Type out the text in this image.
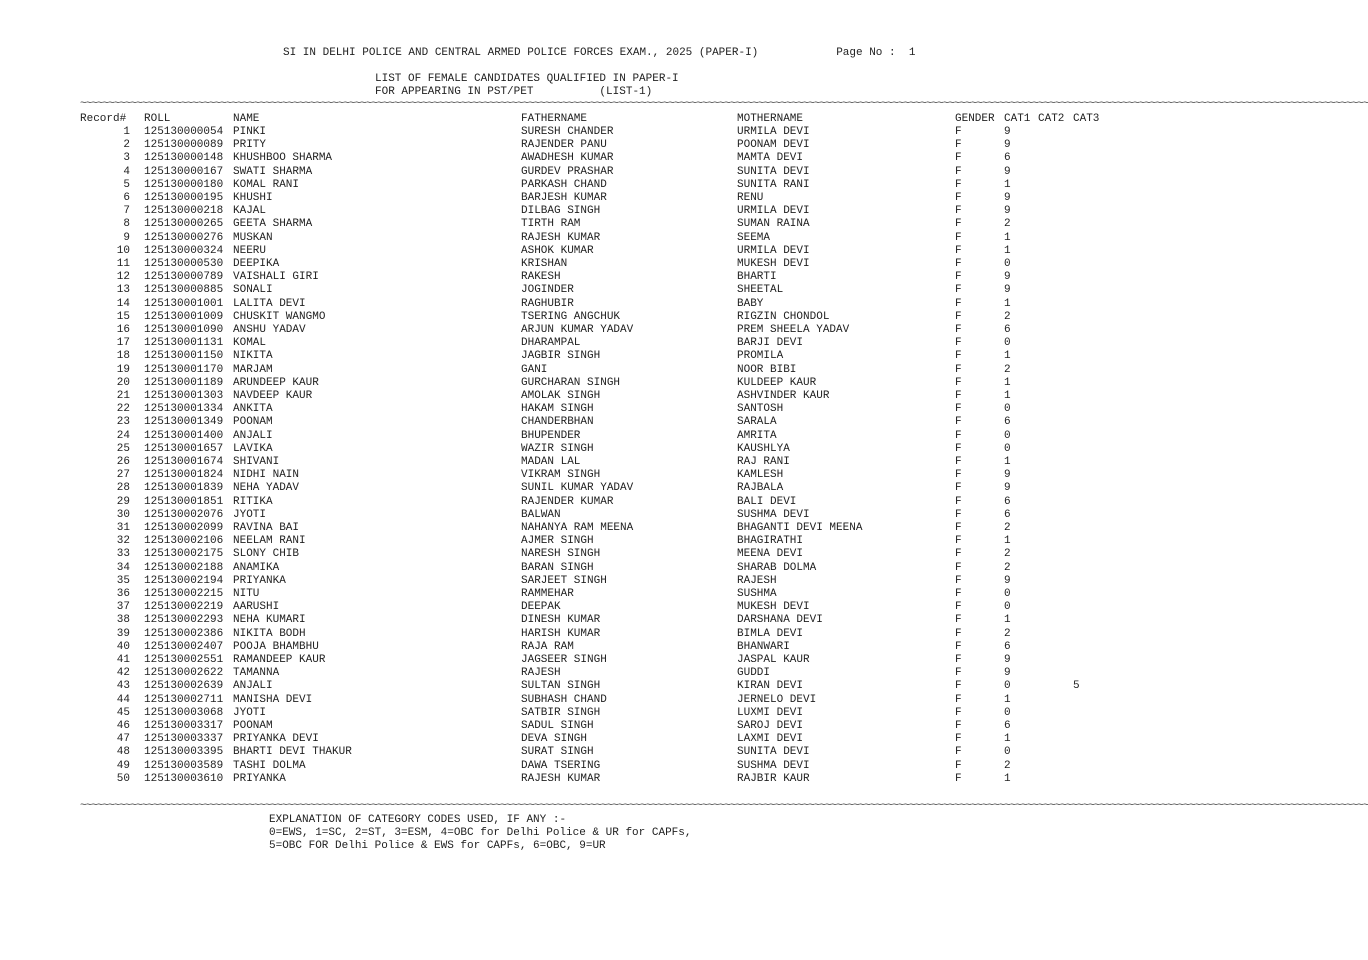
Page No : 1

SI IN DELHI POLICE AND CENTRAL ARMED POLICE FORCES EXAM., 2025 (PAPER-I)
LIST OF FEMALE CANDIDATES QUALIFIED IN PAPER-I
FOR APPEARING IN PST/PET          (LIST-1)
~~~~~~~~~~~~~~~~~~~~~~~~~~~~~~~~~~~~~~~~~~~~~~~~~~~~~~~~~~~~~~~~~~~~~~~~~~~~~~~~~~~~~~~~~~~~~~~~~~~~~~~~~~~~~~~~~~~~~~~~~~~~~~~~~~~~~~~~~~~~~~~~~~~~~~~~~~~~~~~~~~~~~~~~~~~~~~~~~~~~~~~~~~~~~~~~~~~~~~~~~~~~~~~~~~~~~~~~~~~~~~~~~~~~~~
Record# ROLL	NAME	FATHERNAME	MOTHERNAME	GENDER CAT1 CAT2 CAT3
1 125130000054 PINKI	SURESH CHANDER	URMILA DEVI	F	9
2 125130000089 PRITY	RAJENDER PANU	POONAM DEVI	F	9
3 125130000148 KHUSHBOO SHARMA	AWADHESH KUMAR	MAMTA DEVI	F	6
4 125130000167 SWATI SHARMA	GURDEV PRASHAR	SUNITA DEVI	F	9
5 125130000180 KOMAL RANI	PARKASH CHAND	SUNITA RANI	F	1
6 125130000195 KHUSHI	BARJESH KUMAR	RENU	F	9
7 125130000218 KAJAL	DILBAG SINGH	URMILA DEVI	F	9
8 125130000265 GEETA SHARMA	TIRTH RAM	SUMAN RAINA	F	2
9 125130000276 MUSKAN	RAJESH KUMAR	SEEMA	F	1
10 125130000324 NEERU	ASHOK KUMAR	URMILA DEVI	F	1
11 125130000530 DEEPIKA	KRISHAN	MUKESH DEVI	F	0
12 125130000789 VAISHALI GIRI	RAKESH	BHARTI	F	9
13 125130000885 SONALI	JOGINDER	SHEETAL	F	9
14 125130001001 LALITA DEVI	RAGHUBIR	BABY	F	1
15 125130001009 CHUSKIT WANGMO	TSERING ANGCHUK	RIGZIN CHONDOL	F	2
16 125130001090 ANSHU YADAV	ARJUN KUMAR YADAV	PREM SHEELA YADAV	F	6
17 125130001131 KOMAL	DHARAMPAL	BARJI DEVI	F	0
18 125130001150 NIKITA	JAGBIR SINGH	PROMILA	F	1
19 125130001170 MARJAM	GANI	NOOR BIBI	F	2
20 125130001189 ARUNDEEP KAUR	GURCHARAN SINGH	KULDEEP KAUR	F	1
21 125130001303 NAVDEEP KAUR	AMOLAK SINGH	ASHVINDER KAUR	F	1
22 125130001334 ANKITA	HAKAM SINGH	SANTOSH	F	0
23 125130001349 POONAM	CHANDERBHAN	SARALA	F	6
24 125130001400 ANJALI	BHUPENDER	AMRITA	F	0
25 125130001657 LAVIKA	WAZIR SINGH	KAUSHLYA	F	0
26 125130001674 SHIVANI	MADAN LAL	RAJ RANI	F	1
27 125130001824 NIDHI NAIN	VIKRAM SINGH	KAMLESH	F	9
28 125130001839 NEHA YADAV	SUNIL KUMAR YADAV	RAJBALA	F	9
29 125130001851 RITIKA	RAJENDER KUMAR	BALI DEVI	F	6
30 125130002076 JYOTI	BALWAN	SUSHMA DEVI	F	6
31 125130002099 RAVINA BAI	NAHANYA RAM MEENA	BHAGANTI DEVI MEENA	F	2
32 125130002106 NEELAM RANI	AJMER SINGH	BHAGIRATHI	F	1
33 125130002175 SLONY CHIB	NARESH SINGH	MEENA DEVI	F	2
34 125130002188 ANAMIKA	BARAN SINGH	SHARAB DOLMA	F	2
35 125130002194 PRIYANKA	SARJEET SINGH	RAJESH	F	9
36 125130002215 NITU	RAMMEHAR	SUSHMA	F	0
37 125130002219 AARUSHI	DEEPAK	MUKESH DEVI	F	0
38 125130002293 NEHA KUMARI	DINESH KUMAR	DARSHANA DEVI	F	1
39 125130002386 NIKITA BODH	HARISH KUMAR	BIMLA DEVI	F	2
40 125130002407 POOJA BHAMBHU	RAJA RAM	BHANWARI	F	6
41 125130002551 RAMANDEEP KAUR	JAGSEER SINGH	JASPAL KAUR	F	9
42 125130002622 TAMANNA	RAJESH	GUDDI	F	9
43 125130002639 ANJALI	SULTAN SINGH	KIRAN DEVI	F	0	5
44 125130002711 MANISHA DEVI	SUBHASH CHAND	JERNELO DEVI	F	1
45 125130003068 JYOTI	SATBIR SINGH	LUXMI DEVI	F	0
46 125130003317 POONAM	SADUL SINGH	SAROJ DEVI	F	6
47 125130003337 PRIYANKA DEVI	DEVA SINGH	LAXMI DEVI	F	1
48 125130003395 BHARTI DEVI THAKUR	SURAT SINGH	SUNITA DEVI	F	0
49 125130003589 TASHI DOLMA	DAWA TSERING	SUSHMA DEVI	F	2
50 125130003610 PRIYANKA	RAJESH KUMAR	RAJBIR KAUR	F	1
~~~~~~~~~~~~~~~~~~~~~~~~~~~~~~~~~~~~~~~~~~~~~~~~~~~~~~~~~~~~~~~~~~~~~~~~~~~~~~~~~~~~~~~~~~~~~~~~~~~~~~~~~~~~~~~~~~~~~~~~~~~~~~~~~~~~~~~~~~~~~~~~~~~~~~~~~~~~~~~~~~~~~~~~~~~~~~~~~~~~~~~~~~~~~~~~~~~~~~~~~~~~~~~~~~~~~~~~~~~~~~~~~~~~~~
EXPLANATION OF CATEGORY CODES USED, IF ANY :-
0=EWS, 1=SC, 2=ST, 3=ESM, 4=OBC for Delhi Police & UR for CAPFs,
5=OBC FOR Delhi Police & EWS for CAPFs, 6=OBC, 9=UR
